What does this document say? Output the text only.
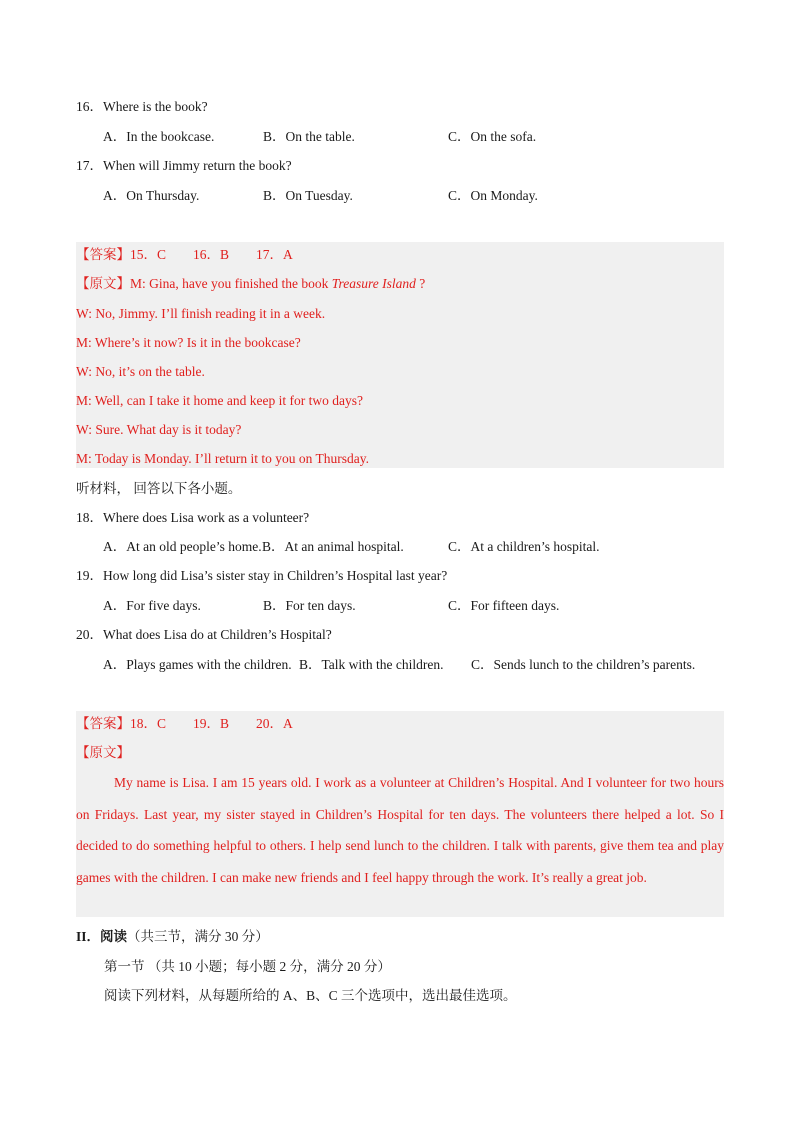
16．Where is the book?
A．In the bookcase.	B．On the table.	C．On the sofa.
17．When will Jimmy return the book?
A．On Thursday.	B．On Tuesday.	C．On Monday.
【答案】15．C　　16．B　　17．A
【原文】M: Gina, have you finished the book Treasure Island ?
W: No, Jimmy. I’ll finish reading it in a week.
M: Where’s it now? Is it in the bookcase?
W: No, it’s on the table.
M: Well, can I take it home and keep it for two days?
W: Sure. What day is it today?
M: Today is Monday. I’ll return it to you on Thursday.
听材料， 回答以下各小题。
18．Where does Lisa work as a volunteer?
A．At an old people’s home. B．At an animal hospital.	C．At a children’s hospital.
19．How long did Lisa’s sister stay in Children’s Hospital last year?
A．For five days.	B．For ten days.	C．For fifteen days.
20．What does Lisa do at Children’s Hospital?
A．Plays games with the children. B．Talk with the children. C．Sends lunch to the children’s parents.
【答案】18．C　　19．B　　20．A
【原文】
My name is Lisa. I am 15 years old. I work as a volunteer at Children’s Hospital. And I volunteer for two hours on Fridays. Last year, my sister stayed in Children’s Hospital for ten days. The volunteers there helped a lot. So I decided to do something helpful to others. I help send lunch to the children. I talk with parents, give them tea and play games with the children. I can make new friends and I feel happy through the work. It’s really a great job.
II．阅读（共三节，满分 30 分）
第一节 （共 10 小题；每小题 2 分，满分 20 分）
阅读下列材料，从每题所给的 A、B、C 三个选项中，选出最佳选项。
